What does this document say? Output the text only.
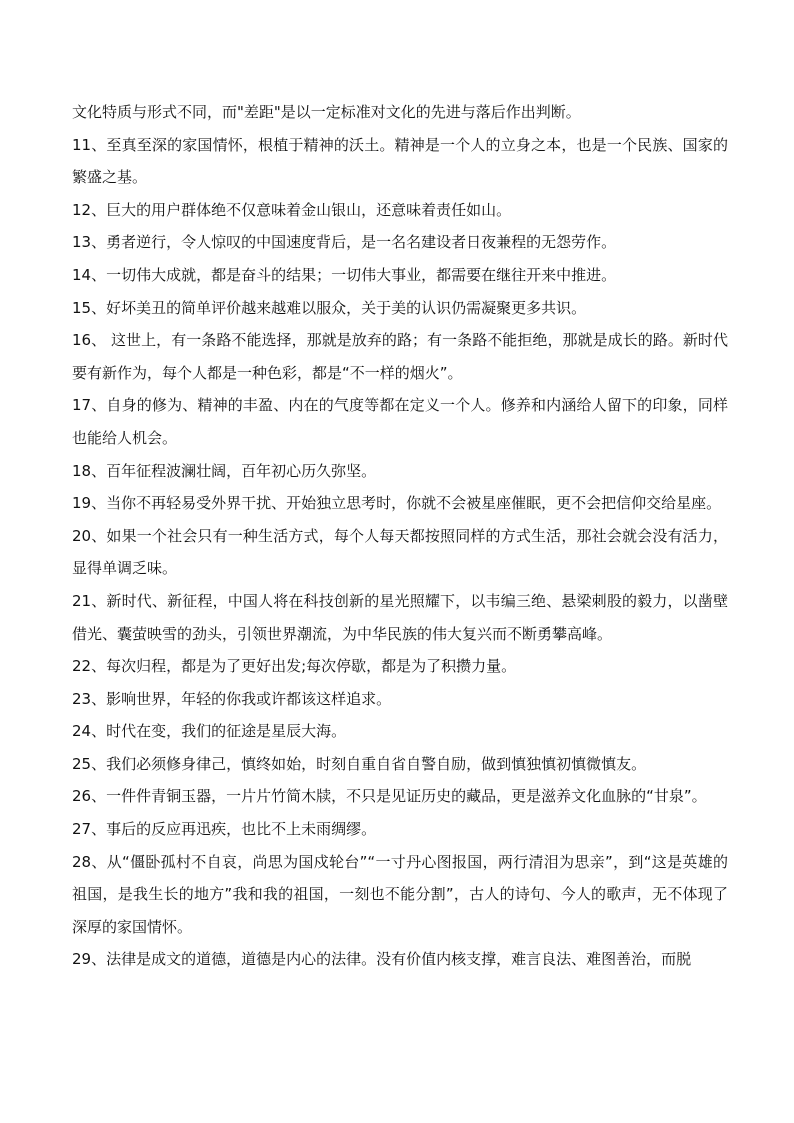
文化特质与形式不同，而"差距"是以一定标准对文化的先进与落后作出判断。

11、至真至深的家国情怀，根植于精神的沃土。精神是一个人的立身之本，也是一个民族、国家的繁盛之基。

12、巨大的用户群体绝不仅意味着金山银山，还意味着责任如山。

13、勇者逆行，令人惊叹的中国速度背后，是一名名建设者日夜兼程的无怨劳作。

14、一切伟大成就，都是奋斗的结果；一切伟大事业，都需要在继往开来中推进。

15、好坏美丑的简单评价越来越难以服众，关于美的认识仍需凝聚更多共识。

16、 这世上，有一条路不能选择，那就是放弃的路；有一条路不能拒绝，那就是成长的路。新时代要有新作为，每个人都是一种色彩，都是“不一样的烟火”。

17、自身的修为、精神的丰盈、内在的气度等都在定义一个人。修养和内涵给人留下的印象，同样也能给人机会。

18、百年征程波澜壮阔，百年初心历久弥坚。

19、当你不再轻易受外界干扰、开始独立思考时，你就不会被星座催眠，更不会把信仰交给星座。

20、如果一个社会只有一种生活方式，每个人每天都按照同样的方式生活，那社会就会没有活力，显得单调乏味。

21、新时代、新征程，中国人将在科技创新的星光照耀下，以韦编三绝、悬梁刺股的毅力，以凿壁借光、囊萤映雪的劲头，引领世界潮流，为中华民族的伟大复兴而不断勇攀高峰。

22、每次归程，都是为了更好出发;每次停歇，都是为了积攒力量。

23、影响世界，年轻的你我或许都该这样追求。

24、时代在变，我们的征途是星辰大海。

25、我们必须修身律己，慎终如始，时刻自重自省自警自励，做到慎独慎初慎微慎友。

26、一件件青铜玉器，一片片竹简木牍，不只是见证历史的藏品，更是滋养文化血脉的“甘泉”。

27、事后的反应再迅疾，也比不上未雨绸缪。

28、从“僵卧孤村不自哀，尚思为国戍轮台”“一寸丹心图报国，两行清泪为思亲”，到“这是英雄的祖国，是我生长的地方”我和我的祖国，一刻也不能分割”，古人的诗句、今人的歌声，无不体现了深厚的家国情怀。

29、法律是成文的道德，道德是内心的法律。没有价值内核支撑，难言良法、难图善治，而脱
